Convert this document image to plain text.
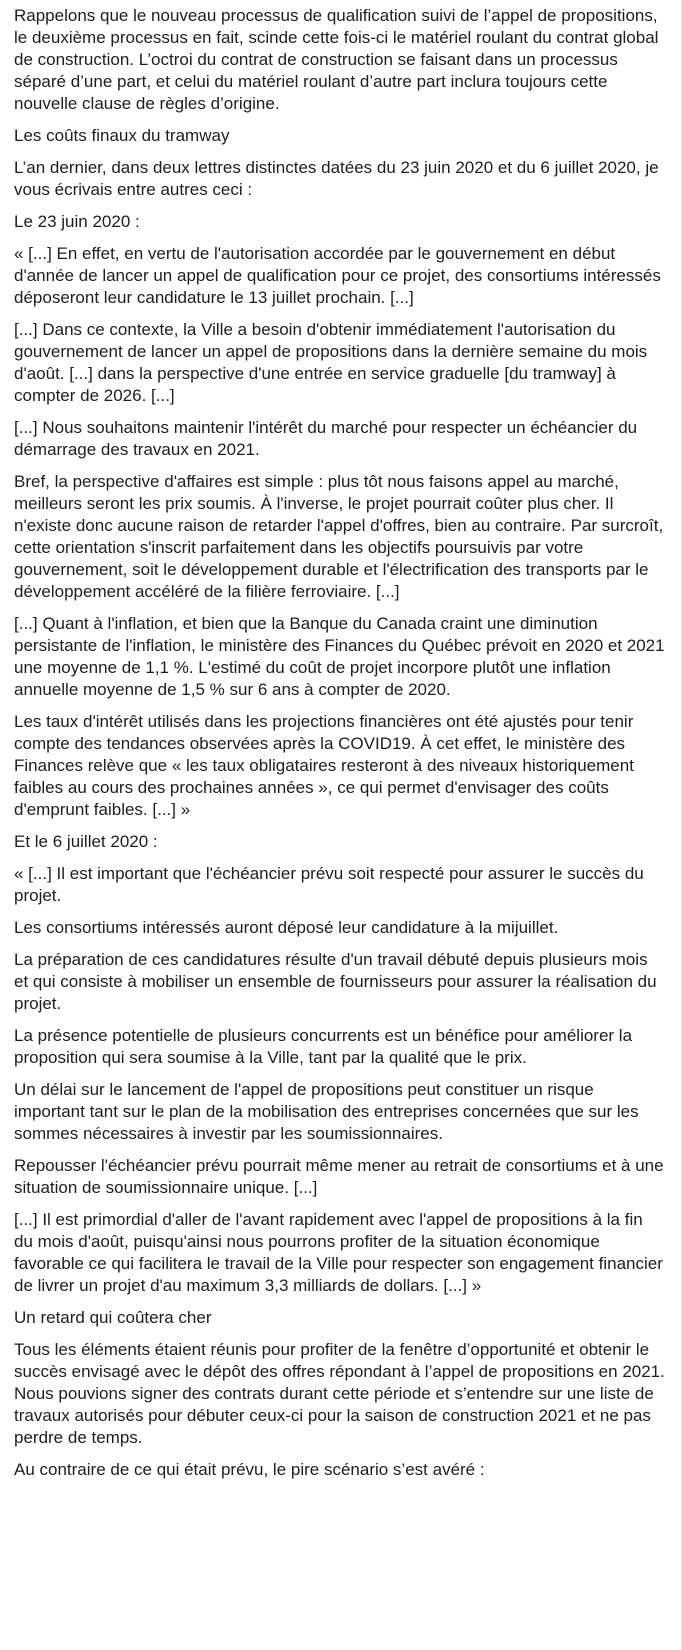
Rappelons que le nouveau processus de qualification suivi de l’appel de propositions, le deuxième processus en fait, scinde cette fois-ci le matériel roulant du contrat global de construction. L’octroi du contrat de construction se faisant dans un processus séparé d’une part, et celui du matériel roulant d’autre part inclura toujours cette nouvelle clause de règles d’origine.

Les coûts finaux du tramway

L’an dernier, dans deux lettres distinctes datées du 23 juin 2020 et du 6 juillet 2020, je vous écrivais entre autres ceci :

Le 23 juin 2020 :

« [...] En effet, en vertu de l'autorisation accordée par le gouvernement en début d'année de lancer un appel de qualification pour ce projet, des consortiums intéressés déposeront leur candidature le 13 juillet prochain. [...]

[...] Dans ce contexte, la Ville a besoin d'obtenir immédiatement l'autorisation du gouvernement de lancer un appel de propositions dans la dernière semaine du mois d'août. [...] dans la perspective d'une entrée en service graduelle [du tramway] à compter de 2026. [...]

[...] Nous souhaitons maintenir l'intérêt du marché pour respecter un échéancier du démarrage des travaux en 2021.

Bref, la perspective d'affaires est simple : plus tôt nous faisons appel au marché, meilleurs seront les prix soumis. À l'inverse, le projet pourrait coûter plus cher. Il n'existe donc aucune raison de retarder l'appel d'offres, bien au contraire. Par surcroît, cette orientation s'inscrit parfaitement dans les objectifs poursuivis par votre gouvernement, soit le développement durable et l'électrification des transports par le développement accéléré de la filière ferroviaire. [...]

[...] Quant à l'inflation, et bien que la Banque du Canada craint une diminution persistante de l'inflation, le ministère des Finances du Québec prévoit en 2020 et 2021 une moyenne de 1,1 %. L'estimé du coût de projet incorpore plutôt une inflation annuelle moyenne de 1,5 % sur 6 ans à compter de 2020.

Les taux d'intérêt utilisés dans les projections financières ont été ajustés pour tenir compte des tendances observées après la COVID19. À cet effet, le ministère des Finances relève que « les taux obligataires resteront à des niveaux historiquement faibles au cours des prochaines années », ce qui permet d'envisager des coûts d'emprunt faibles. [...] »

Et le 6 juillet 2020 :

« [...] Il est important que l'échéancier prévu soit respecté pour assurer le succès du projet.

Les consortiums intéressés auront déposé leur candidature à la mijuillet.

La préparation de ces candidatures résulte d'un travail débuté depuis plusieurs mois et qui consiste à mobiliser un ensemble de fournisseurs pour assurer la réalisation du projet.

La présence potentielle de plusieurs concurrents est un bénéfice pour améliorer la proposition qui sera soumise à la Ville, tant par la qualité que le prix.

Un délai sur le lancement de l'appel de propositions peut constituer un risque important tant sur le plan de la mobilisation des entreprises concernées que sur les sommes nécessaires à investir par les soumissionnaires.

Repousser l'échéancier prévu pourrait même mener au retrait de consortiums et à une situation de soumissionnaire unique. [...]

[...] Il est primordial d'aller de l'avant rapidement avec l'appel de propositions à la fin du mois d'août, puisqu'ainsi nous pourrons profiter de la situation économique favorable ce qui facilitera le travail de la Ville pour respecter son engagement financier de livrer un projet d'au maximum 3,3 milliards de dollars. [...] »

Un retard qui coûtera cher

Tous les éléments étaient réunis pour profiter de la fenêtre d’opportunité et obtenir le succès envisagé avec le dépôt des offres répondant à l’appel de propositions en 2021. Nous pouvions signer des contrats durant cette période et s’entendre sur une liste de travaux autorisés pour débuter ceux-ci pour la saison de construction 2021 et ne pas perdre de temps.

Au contraire de ce qui était prévu, le pire scénario s’est avéré :
